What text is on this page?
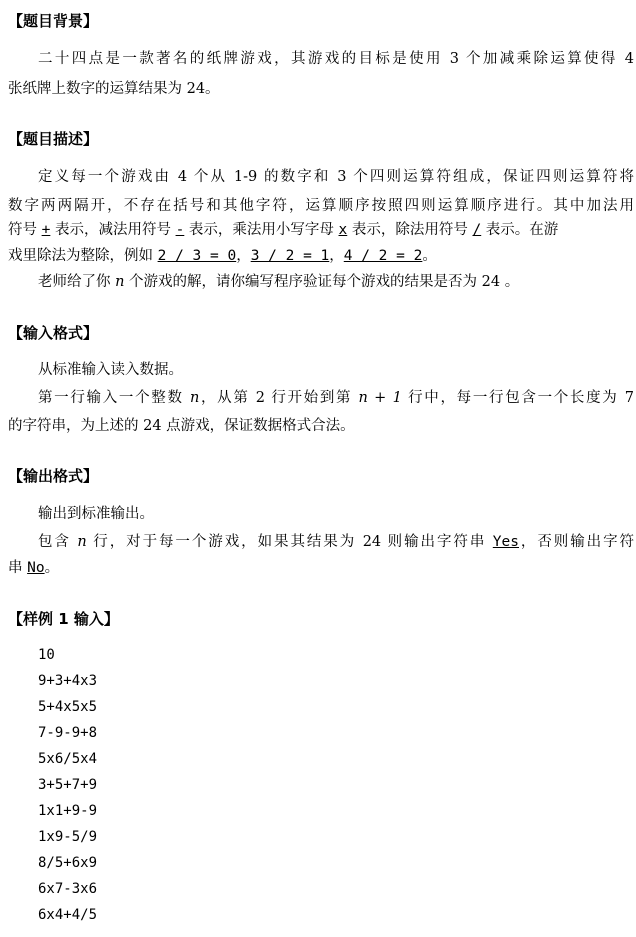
【题目背景】
二十四点是一款著名的纸牌游戏，其游戏的目标是使用 3 个加减乘除运算使得 4
张纸牌上数字的运算结果为 24。
【题目描述】
定义每一个游戏由 4 个从 1-9 的数字和 3 个四则运算符组成，保证四则运算符将
数字两两隔开，不存在括号和其他字符，运算顺序按照四则运算顺序进行。其中加法用
符号 + 表示，减法用符号 - 表示，乘法用小写字母 x 表示，除法用符号 / 表示。在游
戏里除法为整除，例如 2 / 3 = 0，3 / 2 = 1，4 / 2 = 2。
老师给了你 n 个游戏的解，请你编写程序验证每个游戏的结果是否为 24 。
【输入格式】
从标准输入读入数据。
第一行输入一个整数 n，从第 2 行开始到第 n + 1 行中，每一行包含一个长度为 7
的字符串，为上述的 24 点游戏，保证数据格式合法。
【输出格式】
输出到标准输出。
包含 n 行，对于每一个游戏，如果其结果为 24 则输出字符串 Yes，否则输出字符
串 No。
【样例 1 输入】
10
9+3+4x3
5+4x5x5
7-9-9+8
5x6/5x4
3+5+7+9
1x1+9-9
1x9-5/9
8/5+6x9
6x7-3x6
6x4+4/5
